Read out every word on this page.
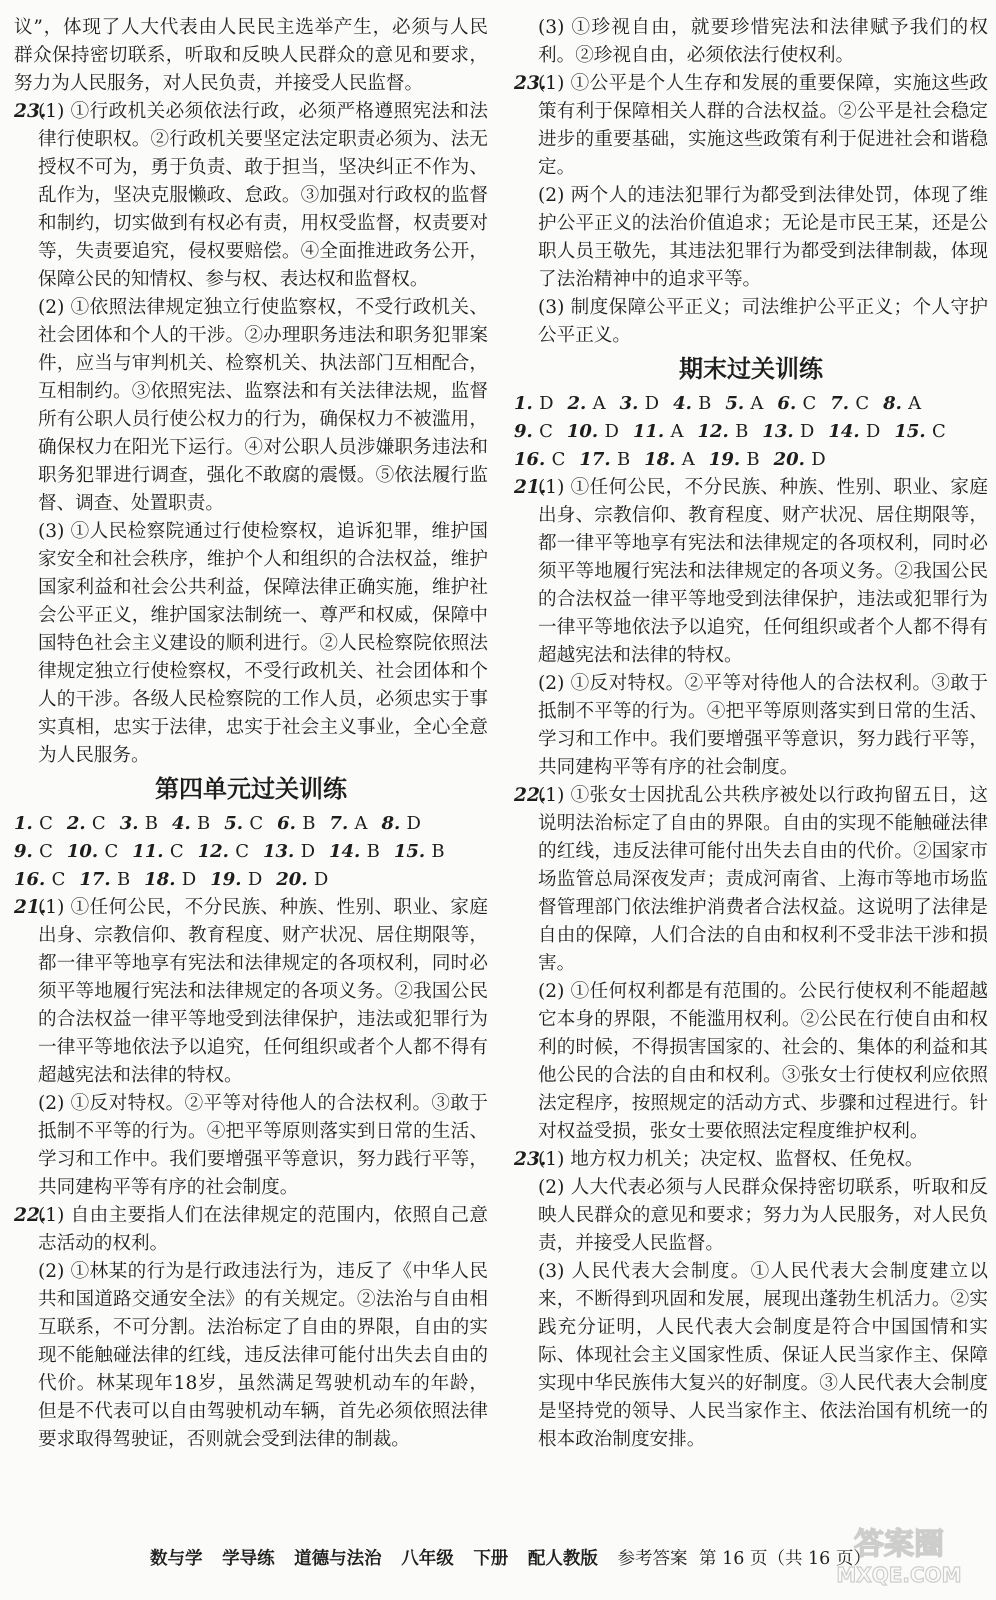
议”，体现了人大代表由人民民主选举产生，必须与人民群众保持密切联系，听取和反映人民群众的意见和要求，努力为人民服务，对人民负责，并接受人民监督。

23.
(1) ①行政机关必须依法行政，必须严格遵照宪法和法律行使职权。②行政机关要坚定法定职责必须为、法无授权不可为，勇于负责、敢于担当，坚决纠正不作为、乱作为，坚决克服懒政、怠政。③加强对行政权的监督和制约，切实做到有权必有责，用权受监督，权责要对等，失责要追究，侵权要赔偿。④全面推进政务公开，保障公民的知情权、参与权、表达权和监督权。

(2) ①依照法律规定独立行使监察权，不受行政机关、社会团体和个人的干涉。②办理职务违法和职务犯罪案件，应当与审判机关、检察机关、执法部门互相配合，互相制约。③依照宪法、监察法和有关法律法规，监督所有公职人员行使公权力的行为，确保权力不被滥用，确保权力在阳光下运行。④对公职人员涉嫌职务违法和职务犯罪进行调查，强化不敢腐的震慑。⑤依法履行监督、调查、处置职责。

(3) ①人民检察院通过行使检察权，追诉犯罪，维护国家安全和社会秩序，维护个人和组织的合法权益，维护国家利益和社会公共利益，保障法律正确实施，维护社会公平正义，维护国家法制统一、尊严和权威，保障中国特色社会主义建设的顺利进行。②人民检察院依照法律规定独立行使检察权，不受行政机关、社会团体和个人的干涉。各级人民检察院的工作人员，必须忠实于事实真相，忠实于法律，忠实于社会主义事业，全心全意为人民服务。

第四单元过关训练
1. C 2. C 3. B 4. B 5. C 6. B 7. A 8. D
9. C 10. C 11. C 12. C 13. D 14. B 15. B
16. C 17. B 18. D 19. D 20. D
21.
(1) ①任何公民，不分民族、种族、性别、职业、家庭出身、宗教信仰、教育程度、财产状况、居住期限等，都一律平等地享有宪法和法律规定的各项权利，同时必须平等地履行宪法和法律规定的各项义务。②我国公民的合法权益一律平等地受到法律保护，违法或犯罪行为一律平等地依法予以追究，任何组织或者个人都不得有超越宪法和法律的特权。

(2) ①反对特权。②平等对待他人的合法权利。③敢于抵制不平等的行为。④把平等原则落实到日常的生活、学习和工作中。我们要增强平等意识，努力践行平等，共同建构平等有序的社会制度。

22.
(1) 自由主要指人们在法律规定的范围内，依照自己意志活动的权利。

(2) ①林某的行为是行政违法行为，违反了《中华人民共和国道路交通安全法》的有关规定。②法治与自由相互联系，不可分割。法治标定了自由的界限，自由的实现不能触碰法律的红线，违反法律可能付出失去自由的代价。林某现年18岁，虽然满足驾驶机动车的年龄，但是不代表可以自由驾驶机动车辆，首先必须依照法律要求取得驾驶证，否则就会受到法律的制裁。

(3) ①珍视自由，就要珍惜宪法和法律赋予我们的权利。②珍视自由，必须依法行使权利。

23.
(1) ①公平是个人生存和发展的重要保障，实施这些政策有利于保障相关人群的合法权益。②公平是社会稳定进步的重要基础，实施这些政策有利于促进社会和谐稳定。

(2) 两个人的违法犯罪行为都受到法律处罚，体现了维护公平正义的法治价值追求；无论是市民王某，还是公职人员王敬先，其违法犯罪行为都受到法律制裁，体现了法治精神中的追求平等。

(3) 制度保障公平正义；司法维护公平正义；个人守护公平正义。

期末过关训练
1. D 2. A 3. D 4. B 5. A 6. C 7. C 8. A
9. C 10. D 11. A 12. B 13. D 14. D 15. C
16. C 17. B 18. A 19. B 20. D
21.
(1) ①任何公民，不分民族、种族、性别、职业、家庭出身、宗教信仰、教育程度、财产状况、居住期限等，都一律平等地享有宪法和法律规定的各项权利，同时必须平等地履行宪法和法律规定的各项义务。②我国公民的合法权益一律平等地受到法律保护，违法或犯罪行为一律平等地依法予以追究，任何组织或者个人都不得有超越宪法和法律的特权。

(2) ①反对特权。②平等对待他人的合法权利。③敢于抵制不平等的行为。④把平等原则落实到日常的生活、学习和工作中。我们要增强平等意识，努力践行平等，共同建构平等有序的社会制度。

22.
(1) ①张女士因扰乱公共秩序被处以行政拘留五日，这说明法治标定了自由的界限。自由的实现不能触碰法律的红线，违反法律可能付出失去自由的代价。②国家市场监管总局深夜发声；责成河南省、上海市等地市场监督管理部门依法维护消费者合法权益。这说明了法律是自由的保障，人们合法的自由和权利不受非法干涉和损害。

(2) ①任何权利都是有范围的。公民行使权利不能超越它本身的界限，不能滥用权利。②公民在行使自由和权利的时候，不得损害国家的、社会的、集体的利益和其他公民的合法的自由和权利。③张女士行使权利应依照法定程序，按照规定的活动方式、步骤和过程进行。针对权益受损，张女士要依照法定程度维护权利。

23.
(1) 地方权力机关；决定权、监督权、任免权。

(2) 人大代表必须与人民群众保持密切联系，听取和反映人民群众的意见和要求；努力为人民服务，对人民负责，并接受人民监督。

(3) 人民代表大会制度。①人民代表大会制度建立以来，不断得到巩固和发展，展现出蓬勃生机活力。②实践充分证明，人民代表大会制度是符合中国国情和实际、体现社会主义国家性质、保证人民当家作主、保障实现中华民族伟大复兴的好制度。③人民代表大会制度是坚持党的领导、人民当家作主、依法治国有机统一的根本政治制度安排。

数与学 学导练 道德与法治 八年级 下册 配人教版 参考答案 第 16 页（共 16 页）
答案圈
MXQE.COM
